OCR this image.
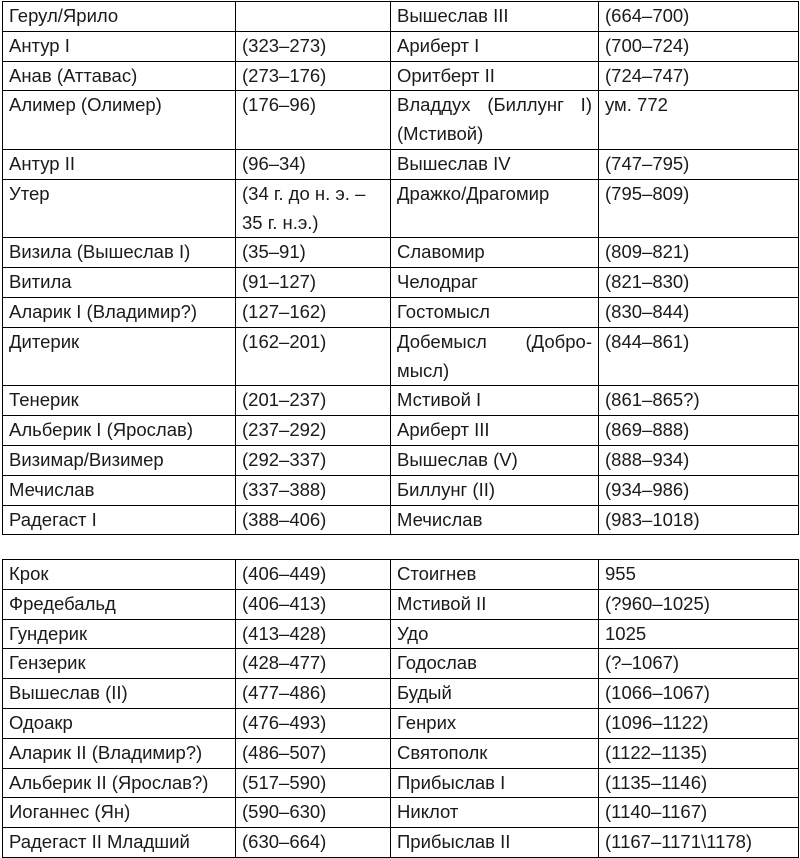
Герул/Ярило		Вышеслав III	(664–700)
Антур I	(323–273)	Ариберт I	(700–724)
Анав (Аттавас)	(273–176)	Оритберт II	(724–747)
Алимер (Олимер)	(176–96)	Владдух (Биллунг I) (Мстивой)	ум. 772
Антур II	(96–34)	Вышеслав IV	(747–795)
Утер	(34 г. до н. э. – 35 г. н.э.)	Дражко/Драгомир	(795–809)
Визила (Вышеслав I)	(35–91)	Славомир	(809–821)
Витила	(91–127)	Челодраг	(821–830)
Аларик I (Владимир?)	(127–162)	Гостомысл	(830–844)
Дитерик	(162–201)	Добемысл (Добро-мысл)	(844–861)
Тенерик	(201–237)	Мстивой I	(861–865?)
Альберик I (Ярослав)	(237–292)	Ариберт III	(869–888)
Визимар/Визимер	(292–337)	Вышеслав (V)	(888–934)
Мечислав	(337–388)	Биллунг (II)	(934–986)
Радегаст I	(388–406)	Мечислав	(983–1018)
Крок	(406–449)	Стоигнев	955
Фредебальд	(406–413)	Мстивой II	(?960–1025)
Гундерик	(413–428)	Удо	1025
Гензерик	(428–477)	Годослав	(?–1067)
Вышеслав (II)	(477–486)	Будый	(1066–1067)
Одоакр	(476–493)	Генрих	(1096–1122)
Аларик II (Владимир?)	(486–507)	Святополк	(1122–1135)
Альберик II (Ярослав?)	(517–590)	Прибыслав I	(1135–1146)
Иоганнес (Ян)	(590–630)	Никлот	(1140–1167)
Радегаст II Младший	(630–664)	Прибыслав II	(1167–1171\1178)
